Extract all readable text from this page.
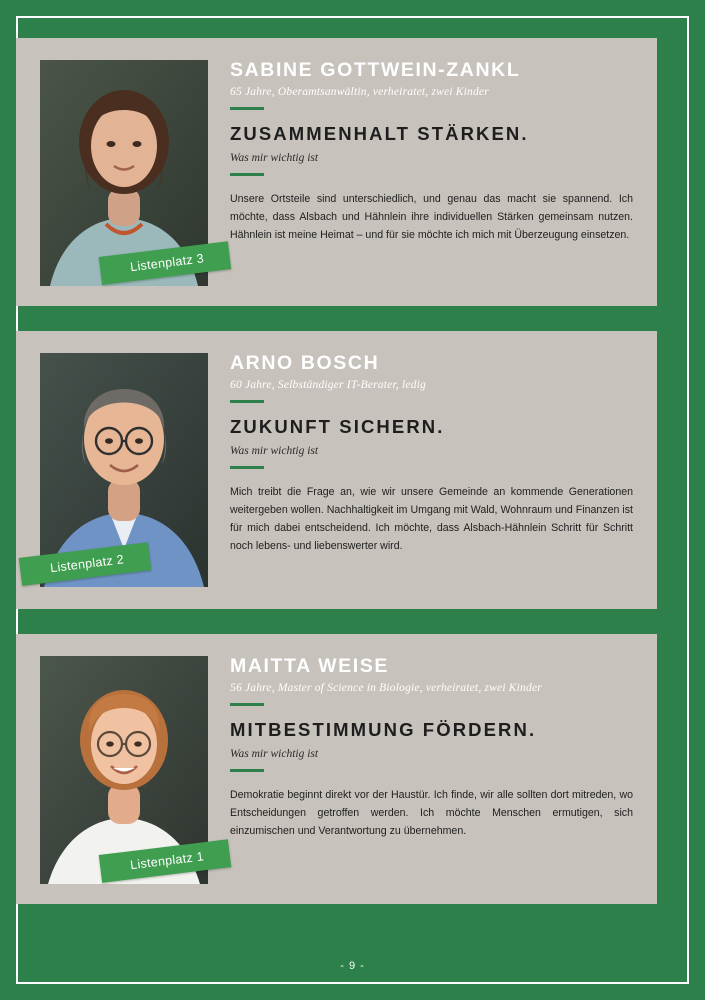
SABINE GOTTWEIN-ZANKL
65 Jahre, Oberamtsanwältin, verheiratet, zwei Kinder
ZUSAMMENHALT STÄRKEN.
Was mir wichtig ist

Unsere Ortsteile sind unterschiedlich, und genau das macht sie spannend. Ich möchte, dass Alsbach und Hähnlein ihre individuellen Stärken gemeinsam nutzen. Hähnlein ist meine Heimat – und für sie möchte ich mich mit Überzeugung einsetzen.

Listenplatz 3
Listenplatz 2
ARNO BOSCH
60 Jahre, Selbständiger IT-Berater, ledig
ZUKUNFT SICHERN.
Was mir wichtig ist

Mich treibt die Frage an, wie wir unsere Gemeinde an kommende Generationen weitergeben wollen. Nachhaltigkeit im Umgang mit Wald, Wohnraum und Finanzen ist für mich dabei entscheidend. Ich möchte, dass Alsbach-Hähnlein Schritt für Schritt noch lebens- und liebenswerter wird.

MAITTA WEISE
56 Jahre, Master of Science in Biologie, verheiratet, zwei Kinder
MITBESTIMMUNG FÖRDERN.
Was mir wichtig ist

Demokratie beginnt direkt vor der Haustür. Ich finde, wir alle sollten dort mitreden, wo Entscheidungen getroffen werden. Ich möchte Menschen ermutigen, sich einzumischen und Verantwortung zu übernehmen.

Listenplatz 1
- 9 -
